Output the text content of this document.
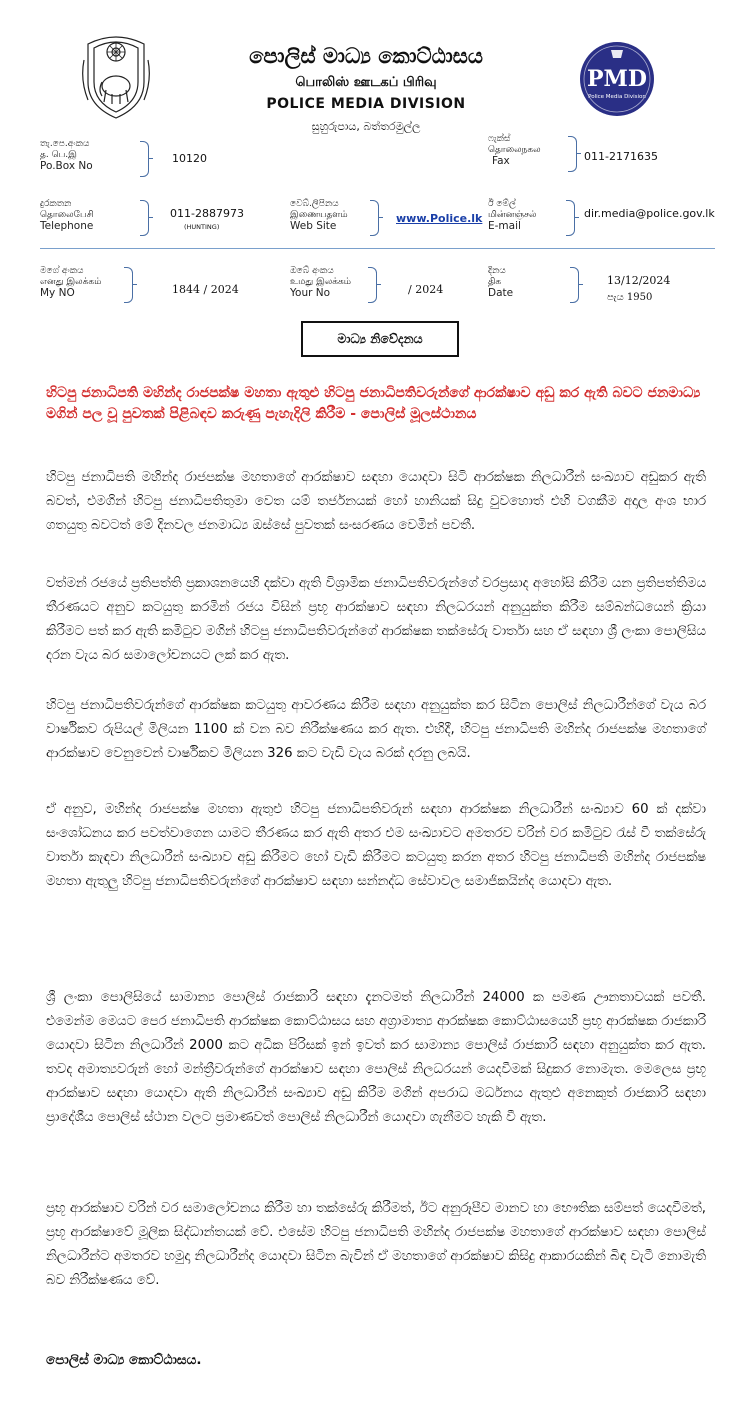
පොලිස් මාධ්‍ය කොට්ඨාසය
பொலிஸ் ஊடகப் பிரிவு
POLICE MEDIA DIVISION
සුහුරුපාය, බත්තරමුල්ල
PMD
Police Media Division
තැ.පෙ.අංකය
த. பெ.இ
Po.Box No
10120
ෆැක්ස්
தொலைநகல
Fax	011-2171635
දුරකතන
தொலைபேசி
Telephone
011-2887973
(HUNTING)
වෙබ්.ලිපිනය
இணையதளம்
Web Site
www.Police.lk
ඊ මේල්
மின்னஞ்சல்
E-mail
dir.media@police.gov.lk
මගේ අංකය
எனது இலக்கம்
My NO	1844 / 2024
ඔබේ අංකය
உமது இலக்கம்
Your No	/ 2024
දිනය
திக
Date
13/12/2024
පැය 1950
මාධ්‍ය නිවේදනය
හිටපු ජනාධිපති මහින්ද රාජපක්ෂ මහතා ඇතුළු හිටපු ජනාධිපතිවරුන්ගේ ආරක්ෂාව අඩු කර ඇති බවට ජනමාධ්‍ය මගින් පල වූ පුවතක් පිළිබඳව කරුණු පැහැදිලි කිරීම - පොලිස් මූලස්ථානය
හිටපු ජනාධිපති මහින්ද රාජපක්ෂ මහතාගේ ආරක්ෂාව සඳහා යොදවා සිටි ආරක්ෂක නිලධාරීන් සංඛ්‍යාව අඩුකර ඇති බවත්, එමගින් හිටපු ජනාධිපතිතුමා වෙත යම් තර්ජනයක් හෝ හානියක් සිදු වුවහොත් එහි වගකීම අදාල අංශ භාර ගතයුතු බවටත් මේ දිනවල ජනමාධ්‍ය ඔස්සේ පුවතක් සංසරණය වෙමින් පවතී.
වත්මන් රජයේ ප්‍රතිපත්ති ප්‍රකාශනයෙහි දක්වා ඇති විශ්‍රාමික ජනාධිපතිවරුන්ගේ වරප්‍රසාද අහෝසි කිරීම යන ප්‍රතිපත්තිමය තීරණයට අනුව කටයුතු කරමින් රජය විසින් ප්‍රභූ ආරක්ෂාව සඳහා නිලධරයන් අනුයුක්ත කිරීම සම්බන්ධයෙන් ක්‍රියා කිරීමට පත් කර ඇති කමිටුව මගින් හිටපු ජනාධිපතිවරුන්ගේ ආරක්ෂක තක්සේරු වාර්තා සහ ඒ සඳහා ශ්‍රී ලංකා පොලිසිය දරන වැය බර සමාලෝචනයට ලක් කර ඇත.
හිටපු ජනාධිපතිවරුන්ගේ ආරක්ෂක කටයුතු ආවරණය කිරීම සඳහා අනුයුක්ත කර සිටින පොලිස් නිලධාරීන්ගේ වැය බර වාර්ෂිකව රුපියල් මිලියන 1100 ක් වන බව නිරීක්ෂණය කර ඇත. එහිදී, හිටපු ජනාධිපති මහින්ද රාජපක්ෂ මහතාගේ ආරක්ෂාව වෙනුවෙන් වාර්ෂිකව මිලියන 326 කට වැඩි වැය බරක් දරනු ලබයි.
ඒ අනුව, මහින්ද රාජපක්ෂ මහතා ඇතුළු හිටපු ජනාධිපතිවරුන් සඳහා ආරක්ෂක නිලධාරීන් සංඛ්‍යාව 60 ක් දක්වා සංශෝධනය කර පවත්වාගෙන යාමට තීරණය කර ඇති අතර එම සංඛ්‍යාවට අමතරව වරින් වර කමිටුව රැස් වී තක්සේරු වාර්තා කැඳවා නිලධාරීන් සංඛ්‍යාව අඩු කිරීමට හෝ වැඩි කිරීමට කටයුතු කරන අතර හිටපු ජනාධිපති මහින්ද රාජපක්ෂ මහතා ඇතුලු හිටපු ජනාධිපතිවරුන්ගේ ආරක්ෂාව සඳහා සන්නද්ධ සේවාවල සමාජිකයින්ද යොදවා ඇත.
ශ්‍රී ලංකා පොලිසියේ සාමාන්‍ය පොලිස් රාජකාරි සඳහා දැනටමත් නිලධාරීන් 24000 ක පමණ ඌනතාවයක් පවතී. එමෙන්ම මෙයට පෙර ජනාධිපති ආරක්ෂක කොට්ඨාසය සහ අග්‍රාමාත්‍ය ආරක්ෂක කොට්ඨාසයෙහි ප්‍රභූ ආරක්ෂක රාජකාරි යොදවා සිටින නිලධාරීන් 2000 කට අධික පිරිසක් ඉන් ඉවත් කර සාමාන්‍ය පොලිස් රාජකාරි සඳහා අනුයුක්ත කර ඇත. තවද අමාත්‍යවරුන් හෝ මන්ත්‍රීවරුන්ගේ ආරක්ෂාව සඳහා පොලිස් නිලධරයන් යෙදවීමක් සිදුකර නොමැත. මෙලෙස ප්‍රභූ ආරක්ෂාව සඳහා යොදවා ඇති නිලධාරීන් සංඛ්‍යාව අඩු කිරීම මගින් අපරාධ මර්ධනය ඇතුළු අනෙකුත් රාජකාරි සඳහා ප්‍රාදේශීය පොලිස් ස්ථාන වලට ප්‍රමාණවත් පොලිස් නිලධාරීන් යොදවා ගැනීමට හැකි වී ඇත.
ප්‍රභූ ආරක්ෂාව වරින් වර සමාලෝචනය කිරීම හා තක්සේරු කිරීමත්, ඊට අනුරූපීව මානව හා භෞතික සම්පත් යෙදවීමත්, ප්‍රභූ ආරක්ෂාවේ මූලික සිද්ධාන්තයක් වේ. එසේම හිටපු ජනාධිපති මහින්ද රාජපක්ෂ මහතාගේ ආරක්ෂාව සඳහා පොලිස් නිලධාරීන්ට අමතරව හමුදා නිලධාරීන්ද යොදවා සිටින බැවින් ඒ මහතාගේ ආරක්ෂාව කිසිදු ආකාරයකින් බිඳ වැටී නොමැති බව නිරීක්ෂණය වේ.
පොලිස් මාධ්‍ය කොට්ඨාසය.
